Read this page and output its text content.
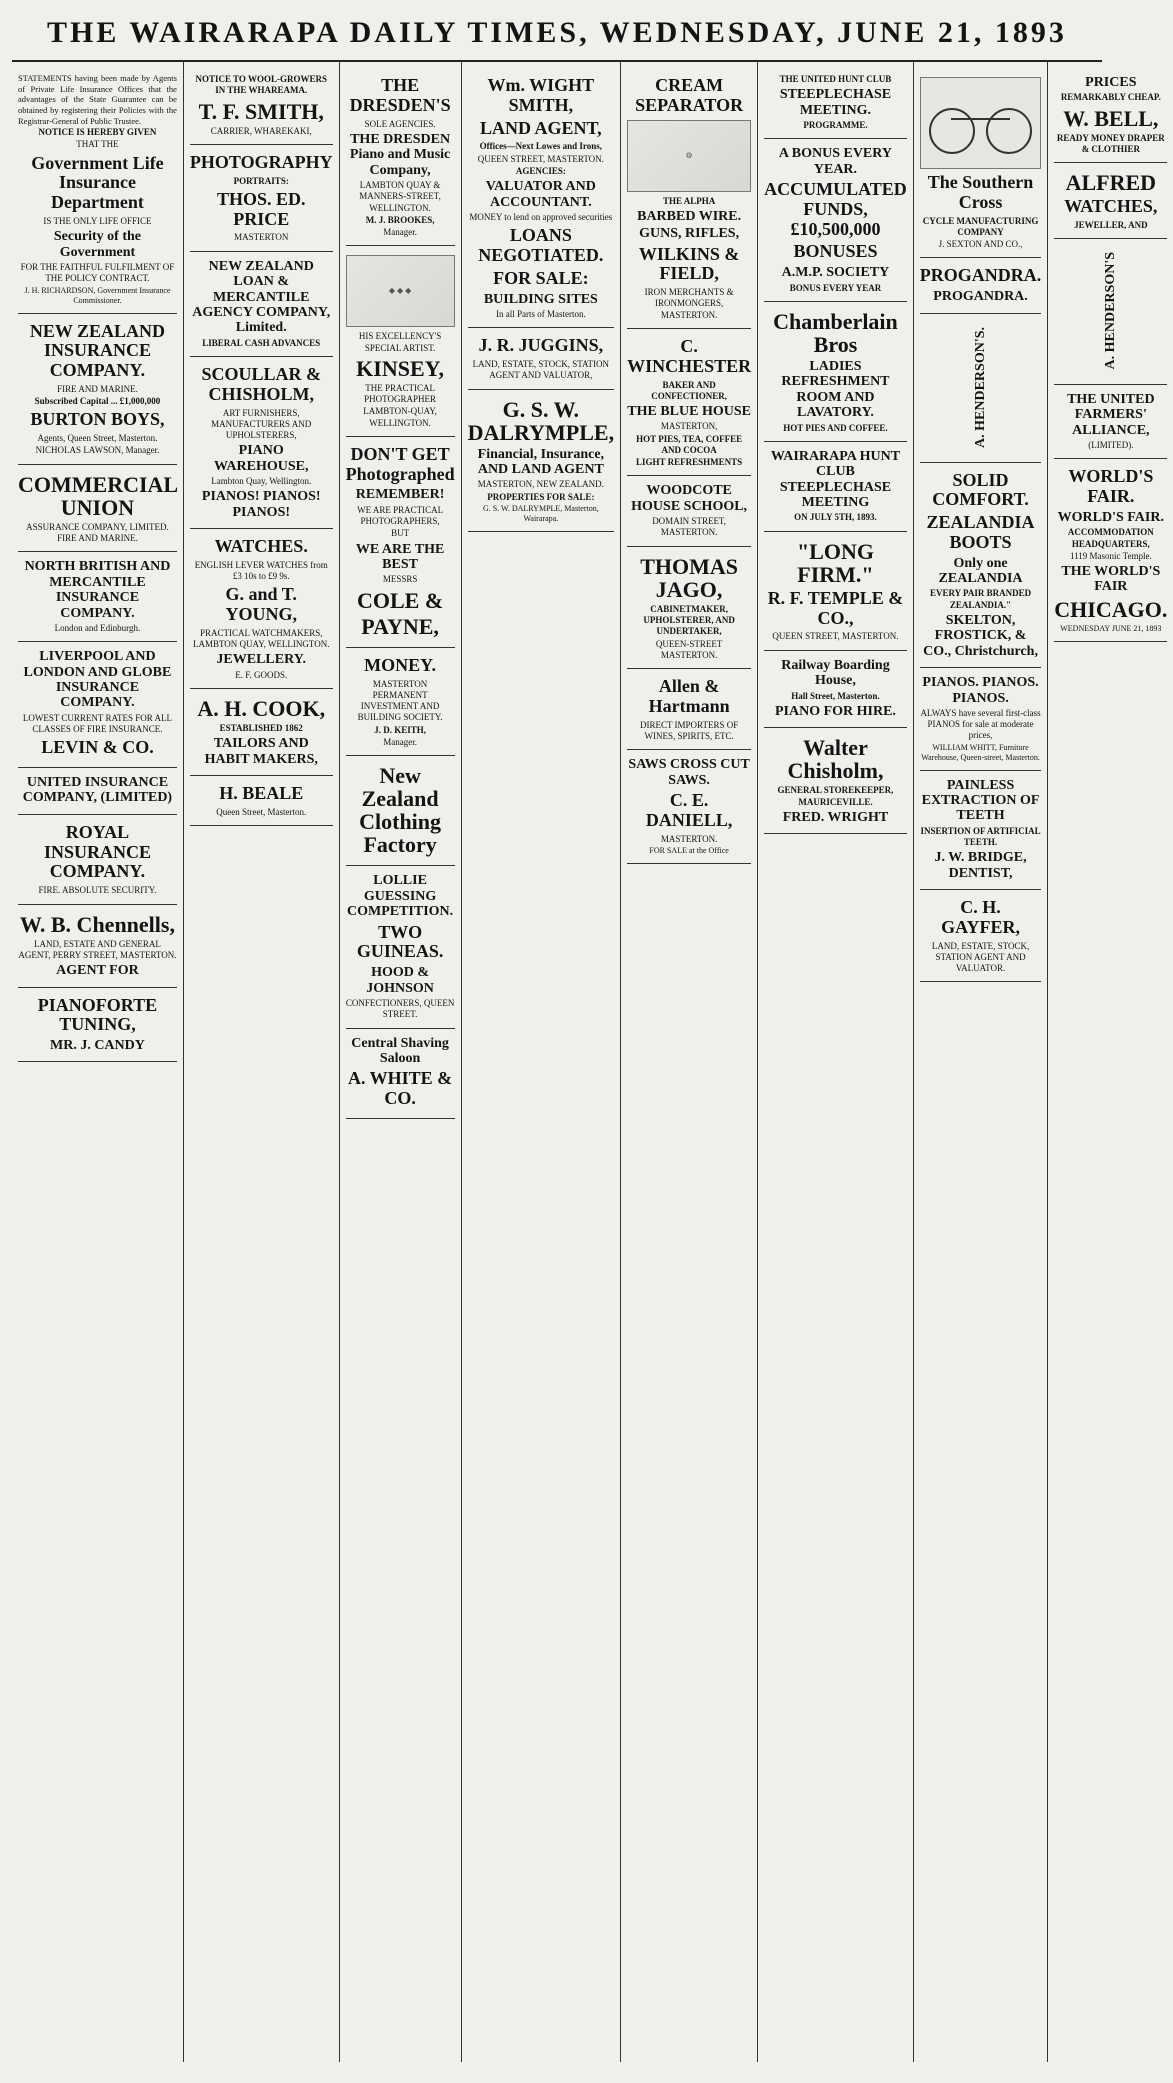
THE WAIRARAPA DAILY TIMES, WEDNESDAY, JUNE 21, 1893
STATEMENTS having been made by Agents of Private Life Insurance Offices that the advantages of the State Guarantee can be obtained by registering their Policies with the Registrar-General of Public Trustee.
NOTICE IS HEREBY GIVEN
THAT THE
Government Life Insurance Department
IS THE ONLY LIFE OFFICE
Security of the Government
FOR THE FAITHFUL FULFILMENT OF THE POLICY CONTRACT.
J. H. RICHARDSON, Government Insurance Commissioner.
NEW ZEALAND INSURANCE COMPANY.
FIRE AND MARINE.
Subscribed Capital ... £1,000,000
BURTON BOYS,
Agents, Queen Street, Masterton.
NICHOLAS LAWSON, Manager.
COMMERCIAL UNION
ASSURANCE COMPANY, LIMITED. FIRE AND MARINE.
NORTH BRITISH AND MERCANTILE INSURANCE COMPANY.
London and Edinburgh.
LIVERPOOL AND LONDON AND GLOBE INSURANCE COMPANY.
LOWEST CURRENT RATES FOR ALL CLASSES OF FIRE INSURANCE.
LEVIN & CO.
UNITED INSURANCE COMPANY, (LIMITED)
ROYAL INSURANCE COMPANY.
FIRE. ABSOLUTE SECURITY.
W. B. Chennells,
LAND, ESTATE AND GENERAL AGENT, PERRY STREET, MASTERTON.
AGENT FOR
PIANOFORTE TUNING,
MR. J. CANDY
NOTICE TO WOOL-GROWERS IN THE WHAREAMA.
T. F. SMITH,
CARRIER, WHAREKAKI,
PHOTOGRAPHY
PORTRAITS:
THOS. ED. PRICE
MASTERTON
NEW ZEALAND LOAN & MERCANTILE AGENCY COMPANY, Limited.
LIBERAL CASH ADVANCES
SCOULLAR & CHISHOLM,
ART FURNISHERS, MANUFACTURERS AND UPHOLSTERERS,
PIANO WAREHOUSE,
Lambton Quay, Wellington.
PIANOS! PIANOS! PIANOS!
WATCHES.
ENGLISH LEVER WATCHES from £3 10s to £9 9s.
G. and T. YOUNG,
PRACTICAL WATCHMAKERS, LAMBTON QUAY, WELLINGTON.
JEWELLERY.
E. F. GOODS.
A. H. COOK,
ESTABLISHED 1862
TAILORS AND HABIT MAKERS,
H. BEALE
Queen Street, Masterton.
THE DRESDEN'S
SOLE AGENCIES.
THE DRESDEN Piano and Music Company,
LAMBTON QUAY & MANNERS-STREET, WELLINGTON.
M. J. BROOKES,
Manager.
◆ ◆ ◆
HIS EXCELLENCY'S SPECIAL ARTIST.
KINSEY,
THE PRACTICAL PHOTOGRAPHER
LAMBTON-QUAY, WELLINGTON.
DON'T GET Photographed
REMEMBER!
WE ARE PRACTICAL PHOTOGRAPHERS,
BUT
WE ARE THE BEST
MESSRS
COLE &
PAYNE,
MONEY.
MASTERTON PERMANENT INVESTMENT AND BUILDING SOCIETY.
J. D. KEITH,
Manager.
New Zealand Clothing Factory
LOLLIE GUESSING COMPETITION.
TWO GUINEAS.
HOOD & JOHNSON
CONFECTIONERS, QUEEN STREET.
Central Shaving Saloon
A. WHITE & CO.
Wm. WIGHT SMITH,
LAND AGENT,
Offices—Next Lowes and Irons,
QUEEN STREET, MASTERTON.
AGENCIES:
VALUATOR AND ACCOUNTANT.
MONEY to lend on approved securities
LOANS NEGOTIATED.
FOR SALE:
BUILDING SITES
In all Parts of Masterton.
J. R. JUGGINS,
LAND, ESTATE, STOCK, STATION AGENT AND VALUATOR,
G. S. W. DALRYMPLE,
Financial, Insurance, AND LAND AGENT
MASTERTON, NEW ZEALAND.
PROPERTIES FOR SALE:
G. S. W. DALRYMPLE, Masterton, Wairarapa.
CREAM SEPARATOR
⚙
THE ALPHA
BARBED WIRE.
GUNS, RIFLES,
WILKINS & FIELD,
IRON MERCHANTS & IRONMONGERS, MASTERTON.
C. WINCHESTER
BAKER AND CONFECTIONER,
THE BLUE HOUSE
MASTERTON,
HOT PIES, TEA, COFFEE AND COCOA
LIGHT REFRESHMENTS
WOODCOTE HOUSE SCHOOL,
DOMAIN STREET, MASTERTON.
THOMAS JAGO,
CABINETMAKER, UPHOLSTERER, AND UNDERTAKER,
QUEEN-STREET MASTERTON.
Allen & Hartmann
DIRECT IMPORTERS OF WINES, SPIRITS, ETC.
SAWS CROSS CUT SAWS.
C. E. DANIELL,
MASTERTON.
FOR SALE at the Office
THE UNITED HUNT CLUB
STEEPLECHASE MEETING.
PROGRAMME.
A BONUS EVERY YEAR.
ACCUMULATED FUNDS, £10,500,000
BONUSES
A.M.P. SOCIETY
BONUS EVERY YEAR
Chamberlain Bros
LADIES REFRESHMENT ROOM AND LAVATORY.
HOT PIES AND COFFEE.
WAIRARAPA HUNT CLUB STEEPLECHASE MEETING
ON JULY 5TH, 1893.
"LONG FIRM."
R. F. TEMPLE & CO.,
QUEEN STREET, MASTERTON.
Railway Boarding House,
Hall Street, Masterton.
PIANO FOR HIRE.
Walter Chisholm,
GENERAL STOREKEEPER, MAURICEVILLE.
FRED. WRIGHT
The Southern Cross
CYCLE MANUFACTURING COMPANY
J. SEXTON AND CO.,
PROGANDRA.
PROGANDRA.
A. HENDERSON'S.
SOLID COMFORT.
ZEALANDIA BOOTS
Only one ZEALANDIA
EVERY PAIR BRANDED ZEALANDIA."
SKELTON, FROSTICK, & CO., Christchurch,
PIANOS. PIANOS. PIANOS.
ALWAYS have several first-class PIANOS for sale at moderate prices,
WILLIAM WHITT, Furniture Warehouse, Queen-street, Masterton.
PAINLESS EXTRACTION OF TEETH
INSERTION OF ARTIFICIAL TEETH.
J. W. BRIDGE, DENTIST,
C. H. GAYFER,
LAND, ESTATE, STOCK, STATION AGENT AND VALUATOR.
PRICES
REMARKABLY CHEAP.
W. BELL,
READY MONEY DRAPER & CLOTHIER
ALFRED
WATCHES,
JEWELLER, AND
A. HENDERSON'S
THE UNITED FARMERS' ALLIANCE,
(LIMITED).
WORLD'S FAIR.
WORLD'S FAIR.
ACCOMMODATION HEADQUARTERS,
1119 Masonic Temple.
THE WORLD'S FAIR
CHICAGO.
WEDNESDAY JUNE 21, 1893
